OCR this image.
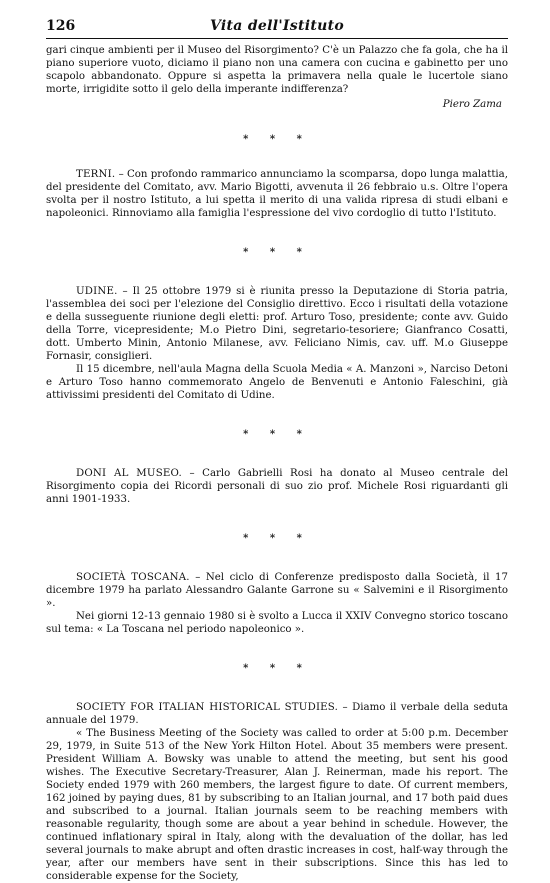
126	Vita dell'Istituto

gari cinque ambienti per il Museo del Risorgimento? C'è un Palazzo che fa gola, che ha il piano superiore vuoto, diciamo il piano non una camera con cucina e gabinetto per uno scapolo abbandonato. Oppure si aspetta la primavera nella quale le lucertole siano morte, irrigidite sotto il gelo della imperante indifferenza?

Piero Zama
* * *

TERNI. – Con profondo rammarico annunciamo la scomparsa, dopo lunga malattia, del presidente del Comitato, avv. Mario Bigotti, avvenuta il 26 febbraio u.s. Oltre l'opera svolta per il nostro Istituto, a lui spetta il merito di una valida ripresa di studi elbani e napoleonici. Rinnoviamo alla famiglia l'espressione del vivo cordoglio di tutto l'Istituto.

* * *

UDINE. – Il 25 ottobre 1979 si è riunita presso la Deputazione di Storia patria, l'assemblea dei soci per l'elezione del Consiglio direttivo. Ecco i risultati della votazione e della susseguente riunione degli eletti: prof. Arturo Toso, presidente; conte avv. Guido della Torre, vicepresidente; M.o Pietro Dini, segretario-tesoriere; Gianfranco Cosatti, dott. Umberto Minin, Antonio Milanese, avv. Feliciano Nimis, cav. uff. M.o Giuseppe Fornasir, consiglieri.

Il 15 dicembre, nell'aula Magna della Scuola Media « A. Manzoni », Narciso Detoni e Arturo Toso hanno commemorato Angelo de Benvenuti e Antonio Faleschini, già attivissimi presidenti del Comitato di Udine.

* * *

DONI AL MUSEO. – Carlo Gabrielli Rosi ha donato al Museo centrale del Risorgimento copia dei Ricordi personali di suo zio prof. Michele Rosi riguardanti gli anni 1901-1933.

* * *

SOCIETÀ TOSCANA. – Nel ciclo di Conferenze predisposto dalla Società, il 17 dicembre 1979 ha parlato Alessandro Galante Garrone su « Salvemini e il Risorgimento ».

Nei giorni 12-13 gennaio 1980 si è svolto a Lucca il XXIV Convegno storico toscano sul tema: « La Toscana nel periodo napoleonico ».

* * *

SOCIETY FOR ITALIAN HISTORICAL STUDIES. – Diamo il verbale della seduta annuale del 1979.

« The Business Meeting of the Society was called to order at 5:00 p.m. December 29, 1979, in Suite 513 of the New York Hilton Hotel. About 35 members were present. President William A. Bowsky was unable to attend the meeting, but sent his good wishes. The Executive Secretary-Treasurer, Alan J. Reinerman, made his report. The Society ended 1979 with 260 members, the largest figure to date. Of current members, 162 joined by paying dues, 81 by subscribing to an Italian journal, and 17 both paid dues and subscribed to a journal. Italian journals seem to be reaching members with reasonable regularity, though some are about a year behind in schedule. However, the continued inflationary spiral in Italy, along with the devaluation of the dollar, has led several journals to make abrupt and often drastic increases in cost, half-way through the year, after our members have sent in their subscriptions. Since this has led to considerable expense for the Society,
